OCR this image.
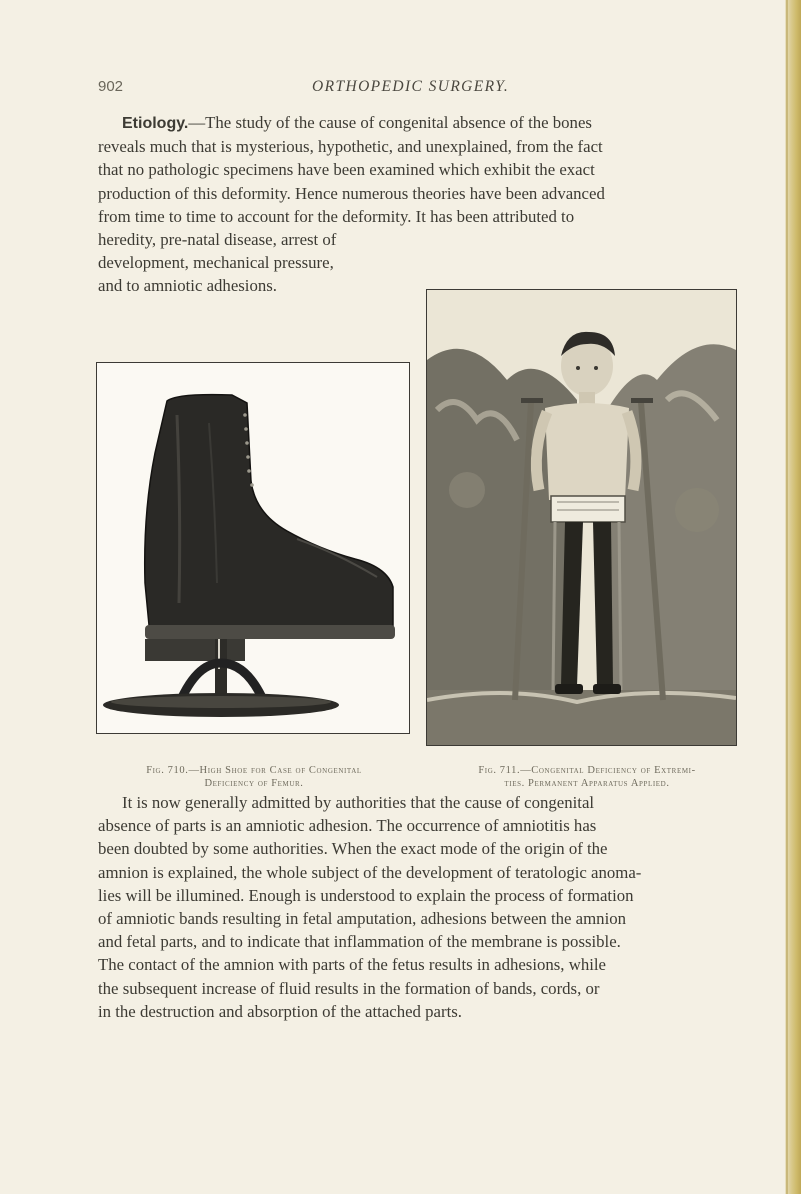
902	ORTHOPEDIC SURGERY.

Etiology.—The study of the cause of congenital absence of the bones
reveals much that is mysterious, hypothetic, and unexplained, from the fact
that no pathologic specimens have been examined which exhibit the exact
production of this deformity. Hence numerous theories have been advanced
from time to time to account for the deformity. It has been attributed to
heredity, pre-natal disease, arrest of
development, mechanical pressure,
and to amniotic adhesions.

Fig. 710.—High Shoe for Case of Congenital
Deficiency of Femur.
Fig. 711.—Congenital Deficiency of Extremi-
ties. Permanent Apparatus Applied.

It is now generally admitted by authorities that the cause of congenital
absence of parts is an amniotic adhesion. The occurrence of amniotitis has
been doubted by some authorities. When the exact mode of the origin of the
amnion is explained, the whole subject of the development of teratologic anoma-
lies will be illumined. Enough is understood to explain the process of formation
of amniotic bands resulting in fetal amputation, adhesions between the amnion
and fetal parts, and to indicate that inflammation of the membrane is possible.
The contact of the amnion with parts of the fetus results in adhesions, while
the subsequent increase of fluid results in the formation of bands, cords, or
in the destruction and absorption of the attached parts.
